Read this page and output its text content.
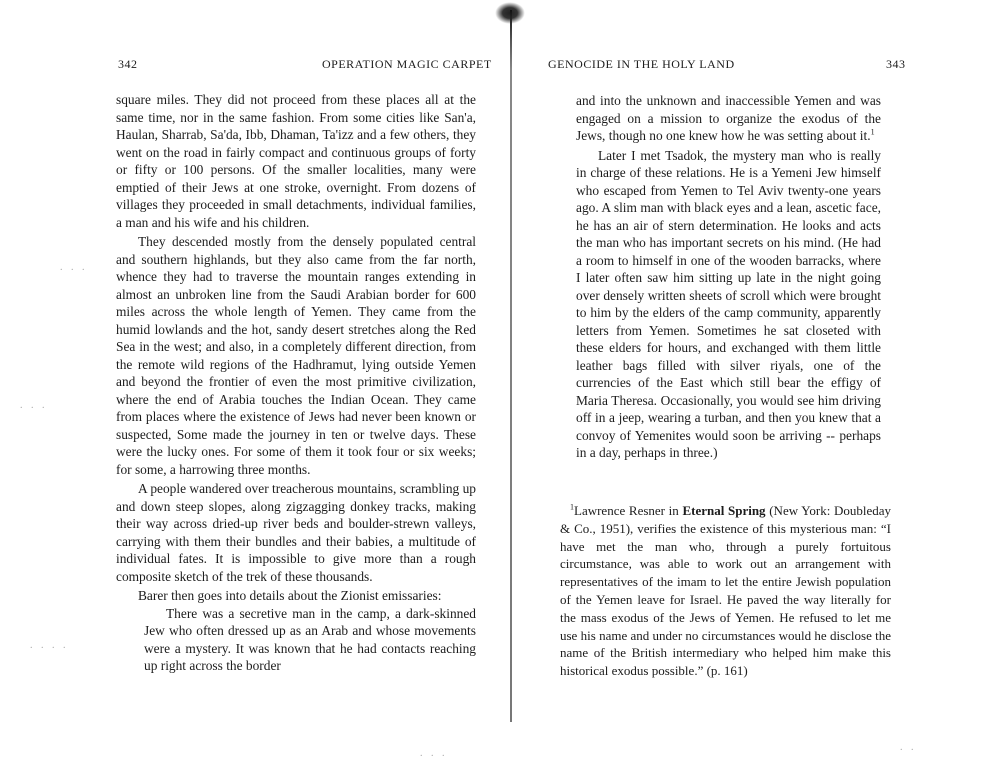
342	OPERATION MAGIC CARPET

square miles. They did not proceed from these places all at the same time, nor in the same fashion. From some cities like San'a, Haulan, Sharrab, Sa'da, Ibb, Dhaman, Ta'izz and a few others, they went on the road in fairly compact and continuous groups of forty or fifty or 100 persons. Of the smaller localities, many were emptied of their Jews at one stroke, overnight. From dozens of villages they proceeded in small detachments, individual families, a man and his wife and his children.

They descended mostly from the densely populated central and southern highlands, but they also came from the far north, whence they had to traverse the mountain ranges extending in almost an unbroken line from the Saudi Arabian border for 600 miles across the whole length of Yemen. They came from the humid lowlands and the hot, sandy desert stretches along the Red Sea in the west; and also, in a completely different direction, from the remote wild regions of the Hadhramut, lying outside Yemen and beyond the frontier of even the most primitive civilization, where the end of Arabia touches the Indian Ocean. They came from places where the existence of Jews had never been known or suspected, Some made the journey in ten or twelve days. These were the lucky ones. For some of them it took four or six weeks; for some, a harrowing three months.

A people wandered over treacherous mountains, scrambling up and down steep slopes, along zigzagging donkey tracks, making their way across dried-up river beds and boulder-strewn valleys, carrying with them their bundles and their babies, a multitude of individual fates. It is impossible to give more than a rough composite sketch of the trek of these thousands.

Barer then goes into details about the Zionist emissaries:

There was a secretive man in the camp, a dark-skinned Jew who often dressed up as an Arab and whose movements were a mystery. It was known that he had contacts reaching up right across the border

GENOCIDE IN THE HOLY LAND	343

and into the unknown and inaccessible Yemen and was engaged on a mission to organize the exodus of the Jews, though no one knew how he was setting about it.$^1$

Later I met Tsadok, the mystery man who is really in charge of these relations. He is a Yemeni Jew himself who escaped from Yemen to Tel Aviv twenty-one years ago. A slim man with black eyes and a lean, ascetic face, he has an air of stern determination. He looks and acts the man who has important secrets on his mind. (He had a room to himself in one of the wooden barracks, where I later often saw him sitting up late in the night going over densely written sheets of scroll which were brought to him by the elders of the camp community, apparently letters from Yemen. Sometimes he sat closeted with these elders for hours, and exchanged with them little leather bags filled with silver riyals, one of the currencies of the East which still bear the effigy of Maria Theresa. Occasionally, you would see him driving off in a jeep, wearing a turban, and then you knew that a convoy of Yemenites would soon be arriving -- perhaps in a day, perhaps in three.)

$^1$Lawrence Resner in Eternal Spring (New York: Doubleday & Co., 1951), verifies the existence of this mysterious man: “I have met the man who, through a purely fortuitous circumstance, was able to work out an arrangement with representatives of the imam to let the entire Jewish population of the Yemen leave for Israel. He paved the way literally for the mass exodus of the Jews of Yemen. He refused to let me use his name and under no circumstances would he disclose the name of the British intermediary who helped him make this historical exodus possible.” (p. 161)

. . .
. . .
. . . .
. . .
. .
